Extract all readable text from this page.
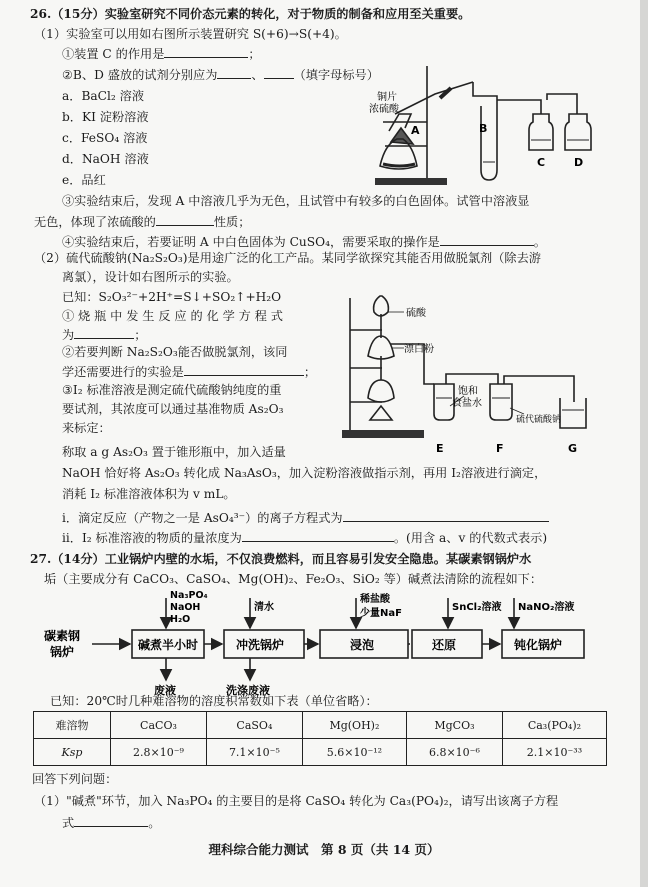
26.（15分）实验室研究不同价态元素的转化，对于物质的制备和应用至关重要。
（1）实验室可以用如右图所示装置研究 S(+6)→S(+4)。
①装置 C 的作用是	；
②B、D 盛放的试剂分别应为	、 （填字母标号）
a．BaCl₂ 溶液
b．KI 淀粉溶液
c．FeSO₄ 溶液
d．NaOH 溶液
e．品红
③实验结束后，发现 A 中溶液几乎为无色，且试管中有较多的白色固体。试管中溶液显
无色，体现了浓硫酸的	性质；
④实验结束后，若要证明 A 中白色固体为 CuSO₄，需要采取的操作是	。
铜片
浓硫酸
A	B
C	D
（2）硫代硫酸钠(Na₂S₂O₃)是用途广泛的化工产品。某同学欲探究其能否用做脱氯剂（除去游
离氯），设计如右图所示的实验。
已知：S₂O₃²⁻+2H⁺=S↓+SO₂↑+H₂O
① 烧 瓶 中 发 生 反 应 的 化 学 方 程 式
为	；
②若要判断 Na₂S₂O₃能否做脱氯剂，该同
学还需要进行的实验是	；
③I₂ 标准溶液是测定硫代硫酸钠纯度的重
要试剂，其浓度可以通过基准物质 As₂O₃
来标定：
称取 a g As₂O₃ 置于锥形瓶中，加入适量
NaOH 恰好将 As₂O₃ 转化成 Na₃AsO₃，加入淀粉溶液做指示剂，再用 I₂溶液进行滴定，
消耗 I₂ 标准溶液体积为 v mL。
i．滴定反应（产物之一是 AsO₄³⁻）的离子方程式为
ii．I₂ 标准溶液的物质的量浓度为	。(用含 a、v 的代数式表示)
硫酸
漂白粉
饱和
食盐水
硫代硫酸钠
E	F	G
27.（14分）工业锅炉内壁的水垢，不仅浪费燃料，而且容易引发安全隐患。某碳素钢锅炉水
垢（主要成分有 CaCO₃、CaSO₄、Mg(OH)₂、Fe₂O₃、SiO₂ 等）碱煮法清除的流程如下：
碳素钢
锅炉	碱煮半小时	冲洗锅炉	浸泡	还原	钝化锅炉
Na₃PO₄
NaOH
H₂O
清水
稀盐酸
少量NaF
SnCl₂溶液 NaNO₂溶液
废液	洗涤废液
已知：20℃时几种难溶物的溶度积常数如下表（单位省略）：
难溶物	CaCO₃	CaSO₄	Mg(OH)₂	MgCO₃	Ca₃(PO₄)₂
Ksp	2.8×10⁻⁹	7.1×10⁻⁵	5.6×10⁻¹²	6.8×10⁻⁶	2.1×10⁻³³
回答下列问题：
（1）"碱煮"环节，加入 Na₃PO₄ 的主要目的是将 CaSO₄ 转化为 Ca₃(PO₄)₂，请写出该离子方程
式	。
理科综合能力测试　第 8 页（共 14 页）
